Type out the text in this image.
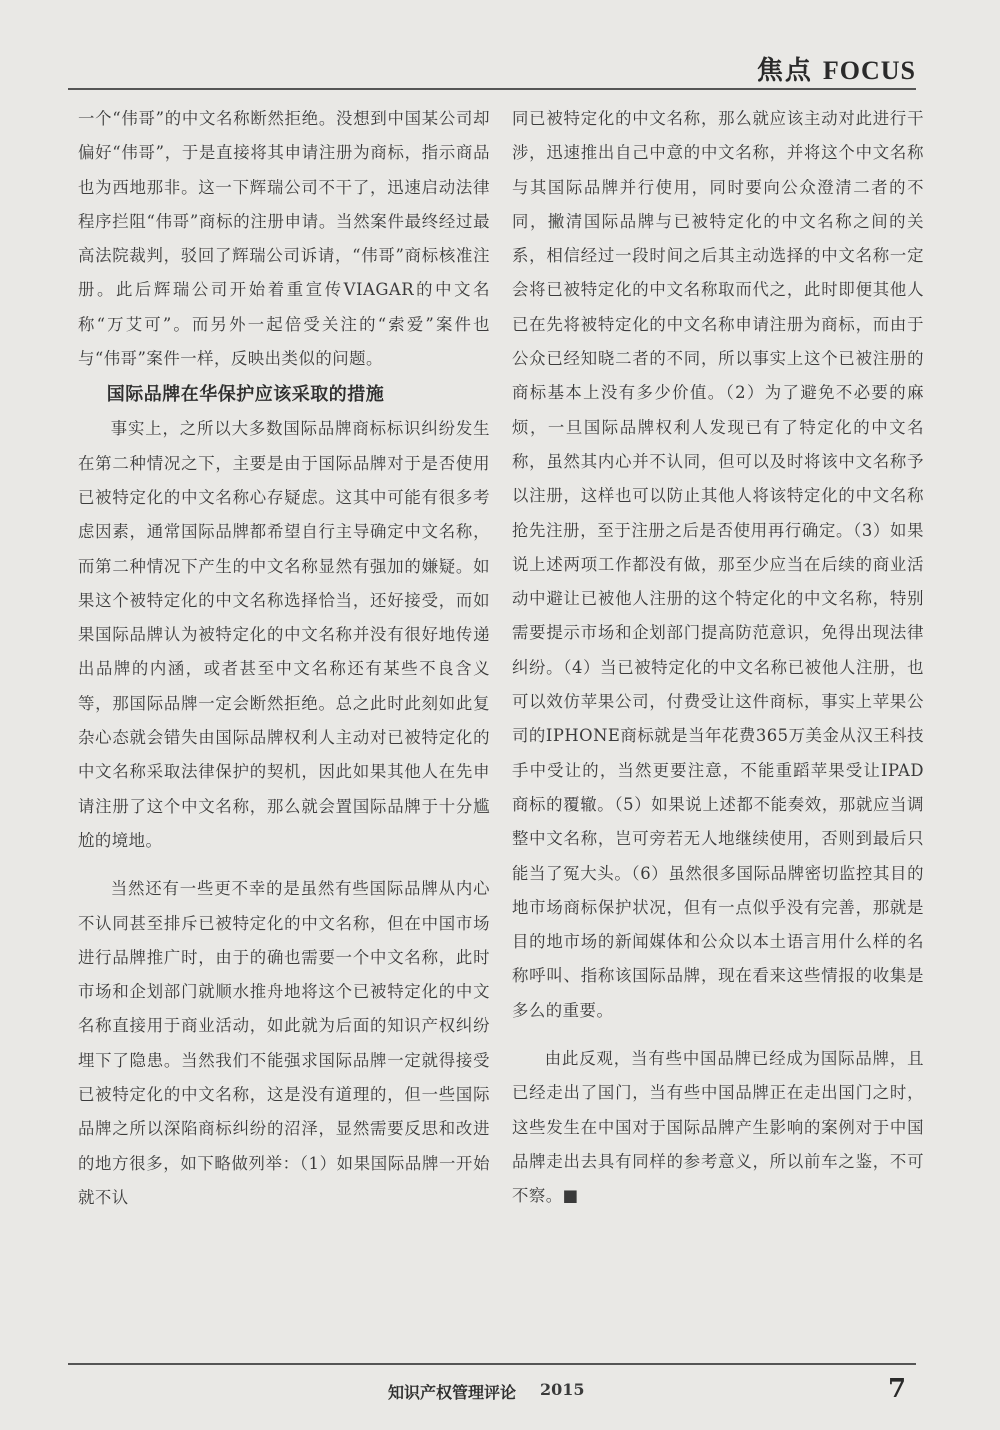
焦点 FOCUS

一个“伟哥”的中文名称断然拒绝。没想到中国某公司却偏好“伟哥”，于是直接将其申请注册为商标，指示商品也为西地那非。这一下辉瑞公司不干了，迅速启动法律程序拦阻“伟哥”商标的注册申请。当然案件最终经过最高法院裁判，驳回了辉瑞公司诉请，“伟哥”商标核准注册。此后辉瑞公司开始着重宣传VIAGAR的中文名称“万艾可”。而另外一起倍受关注的“索爱”案件也与“伟哥”案件一样，反映出类似的问题。

国际品牌在华保护应该采取的措施

事实上，之所以大多数国际品牌商标标识纠纷发生在第二种情况之下，主要是由于国际品牌对于是否使用已被特定化的中文名称心存疑虑。这其中可能有很多考虑因素，通常国际品牌都希望自行主导确定中文名称，而第二种情况下产生的中文名称显然有强加的嫌疑。如果这个被特定化的中文名称选择恰当，还好接受，而如果国际品牌认为被特定化的中文名称并没有很好地传递出品牌的内涵，或者甚至中文名称还有某些不良含义等，那国际品牌一定会断然拒绝。总之此时此刻如此复杂心态就会错失由国际品牌权利人主动对已被特定化的中文名称采取法律保护的契机，因此如果其他人在先申请注册了这个中文名称，那么就会置国际品牌于十分尴尬的境地。

当然还有一些更不幸的是虽然有些国际品牌从内心不认同甚至排斥已被特定化的中文名称，但在中国市场进行品牌推广时，由于的确也需要一个中文名称，此时市场和企划部门就顺水推舟地将这个已被特定化的中文名称直接用于商业活动，如此就为后面的知识产权纠纷埋下了隐患。当然我们不能强求国际品牌一定就得接受已被特定化的中文名称，这是没有道理的，但一些国际品牌之所以深陷商标纠纷的沼泽，显然需要反思和改进的地方很多，如下略做列举：（1）如果国际品牌一开始就不认

同已被特定化的中文名称，那么就应该主动对此进行干涉，迅速推出自己中意的中文名称，并将这个中文名称与其国际品牌并行使用，同时要向公众澄清二者的不同，撇清国际品牌与已被特定化的中文名称之间的关系，相信经过一段时间之后其主动选择的中文名称一定会将已被特定化的中文名称取而代之，此时即便其他人已在先将被特定化的中文名称申请注册为商标，而由于公众已经知晓二者的不同，所以事实上这个已被注册的商标基本上没有多少价值。（2）为了避免不必要的麻烦，一旦国际品牌权利人发现已有了特定化的中文名称，虽然其内心并不认同，但可以及时将该中文名称予以注册，这样也可以防止其他人将该特定化的中文名称抢先注册，至于注册之后是否使用再行确定。（3）如果说上述两项工作都没有做，那至少应当在后续的商业活动中避让已被他人注册的这个特定化的中文名称，特别需要提示市场和企划部门提高防范意识，免得出现法律纠纷。（4）当已被特定化的中文名称已被他人注册，也可以效仿苹果公司，付费受让这件商标，事实上苹果公司的IPHONE商标就是当年花费365万美金从汉王科技手中受让的，当然更要注意，不能重蹈苹果受让IPAD商标的覆辙。（5）如果说上述都不能奏效，那就应当调整中文名称，岂可旁若无人地继续使用，否则到最后只能当了冤大头。（6）虽然很多国际品牌密切监控其目的地市场商标保护状况，但有一点似乎没有完善，那就是目的地市场的新闻媒体和公众以本土语言用什么样的名称呼叫、指称该国际品牌，现在看来这些情报的收集是多么的重要。

由此反观，当有些中国品牌已经成为国际品牌，且已经走出了国门，当有些中国品牌正在走出国门之时，这些发生在中国对于国际品牌产生影响的案例对于中国品牌走出去具有同样的参考意义，所以前车之鉴，不可不察。■

知识产权管理评论 2015	7
